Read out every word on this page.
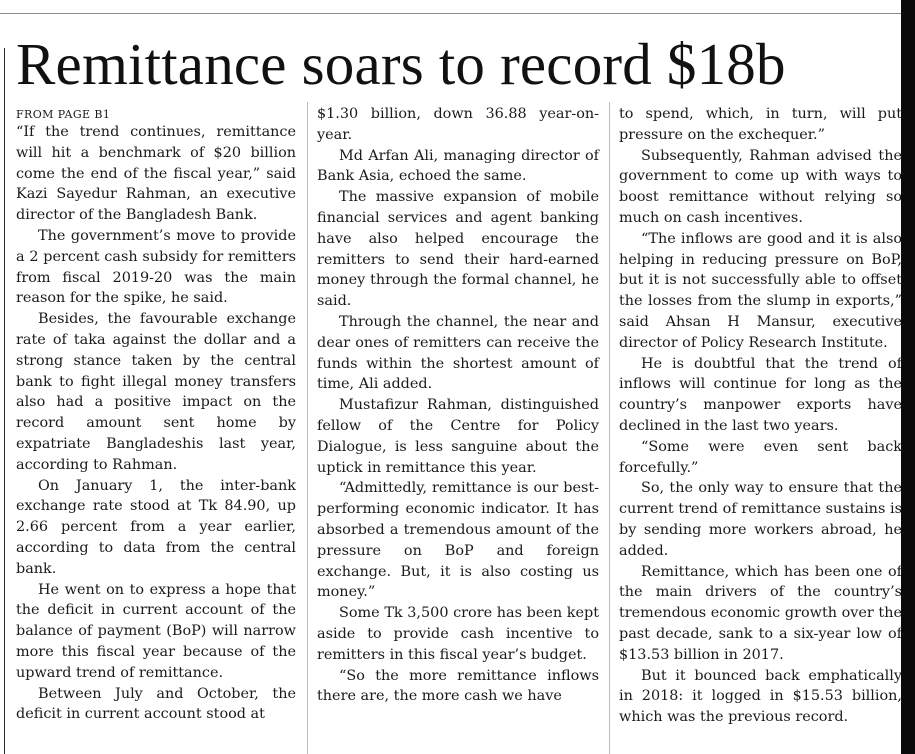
Remittance soars to record $18b
FROM PAGE B1

“If the trend continues, remittance will hit a benchmark of $20 billion come the end of the fiscal year,” said Kazi Sayedur Rahman, an executive director of the Bangladesh Bank.

The government’s move to provide a 2 percent cash subsidy for remitters from fiscal 2019-20 was the main reason for the spike, he said.

Besides, the favourable exchange rate of taka against the dollar and a strong stance taken by the central bank to fight illegal money transfers also had a positive impact on the record amount sent home by expatriate Bangladeshis last year, according to Rahman.

On January 1, the inter-bank exchange rate stood at Tk 84.90, up 2.66 percent from a year earlier, according to data from the central bank.

He went on to express a hope that the deficit in current account of the balance of payment (BoP) will narrow more this fiscal year because of the upward trend of remittance.

Between July and October, the deficit in current account stood at

$1.30 billion, down 36.88 year-on-year.

Md Arfan Ali, managing director of Bank Asia, echoed the same.

The massive expansion of mobile financial services and agent banking have also helped encourage the remitters to send their hard-earned money through the formal channel, he said.

Through the channel, the near and dear ones of remitters can receive the funds within the shortest amount of time, Ali added.

Mustafizur Rahman, distinguished fellow of the Centre for Policy Dialogue, is less sanguine about the uptick in remittance this year.

“Admittedly, remittance is our best-performing economic indicator. It has absorbed a tremendous amount of the pressure on BoP and foreign exchange. But, it is also costing us money.”

Some Tk 3,500 crore has been kept aside to provide cash incentive to remitters in this fiscal year’s budget.

“So the more remittance inflows there are, the more cash we have

to spend, which, in turn, will put pressure on the exchequer.”

Subsequently, Rahman advised the government to come up with ways to boost remittance without relying so much on cash incentives.

“The inflows are good and it is also helping in reducing pressure on BoP, but it is not successfully able to offset the losses from the slump in exports,” said Ahsan H Mansur, executive director of Policy Research Institute.

He is doubtful that the trend of inflows will continue for long as the country’s manpower exports have declined in the last two years.

“Some were even sent back forcefully.”

So, the only way to ensure that the current trend of remittance sustains is by sending more workers abroad, he added.

Remittance, which has been one of the main drivers of the country’s tremendous economic growth over the past decade, sank to a six-year low of $13.53 billion in 2017.

But it bounced back emphatically in 2018: it logged in $15.53 billion, which was the previous record.
